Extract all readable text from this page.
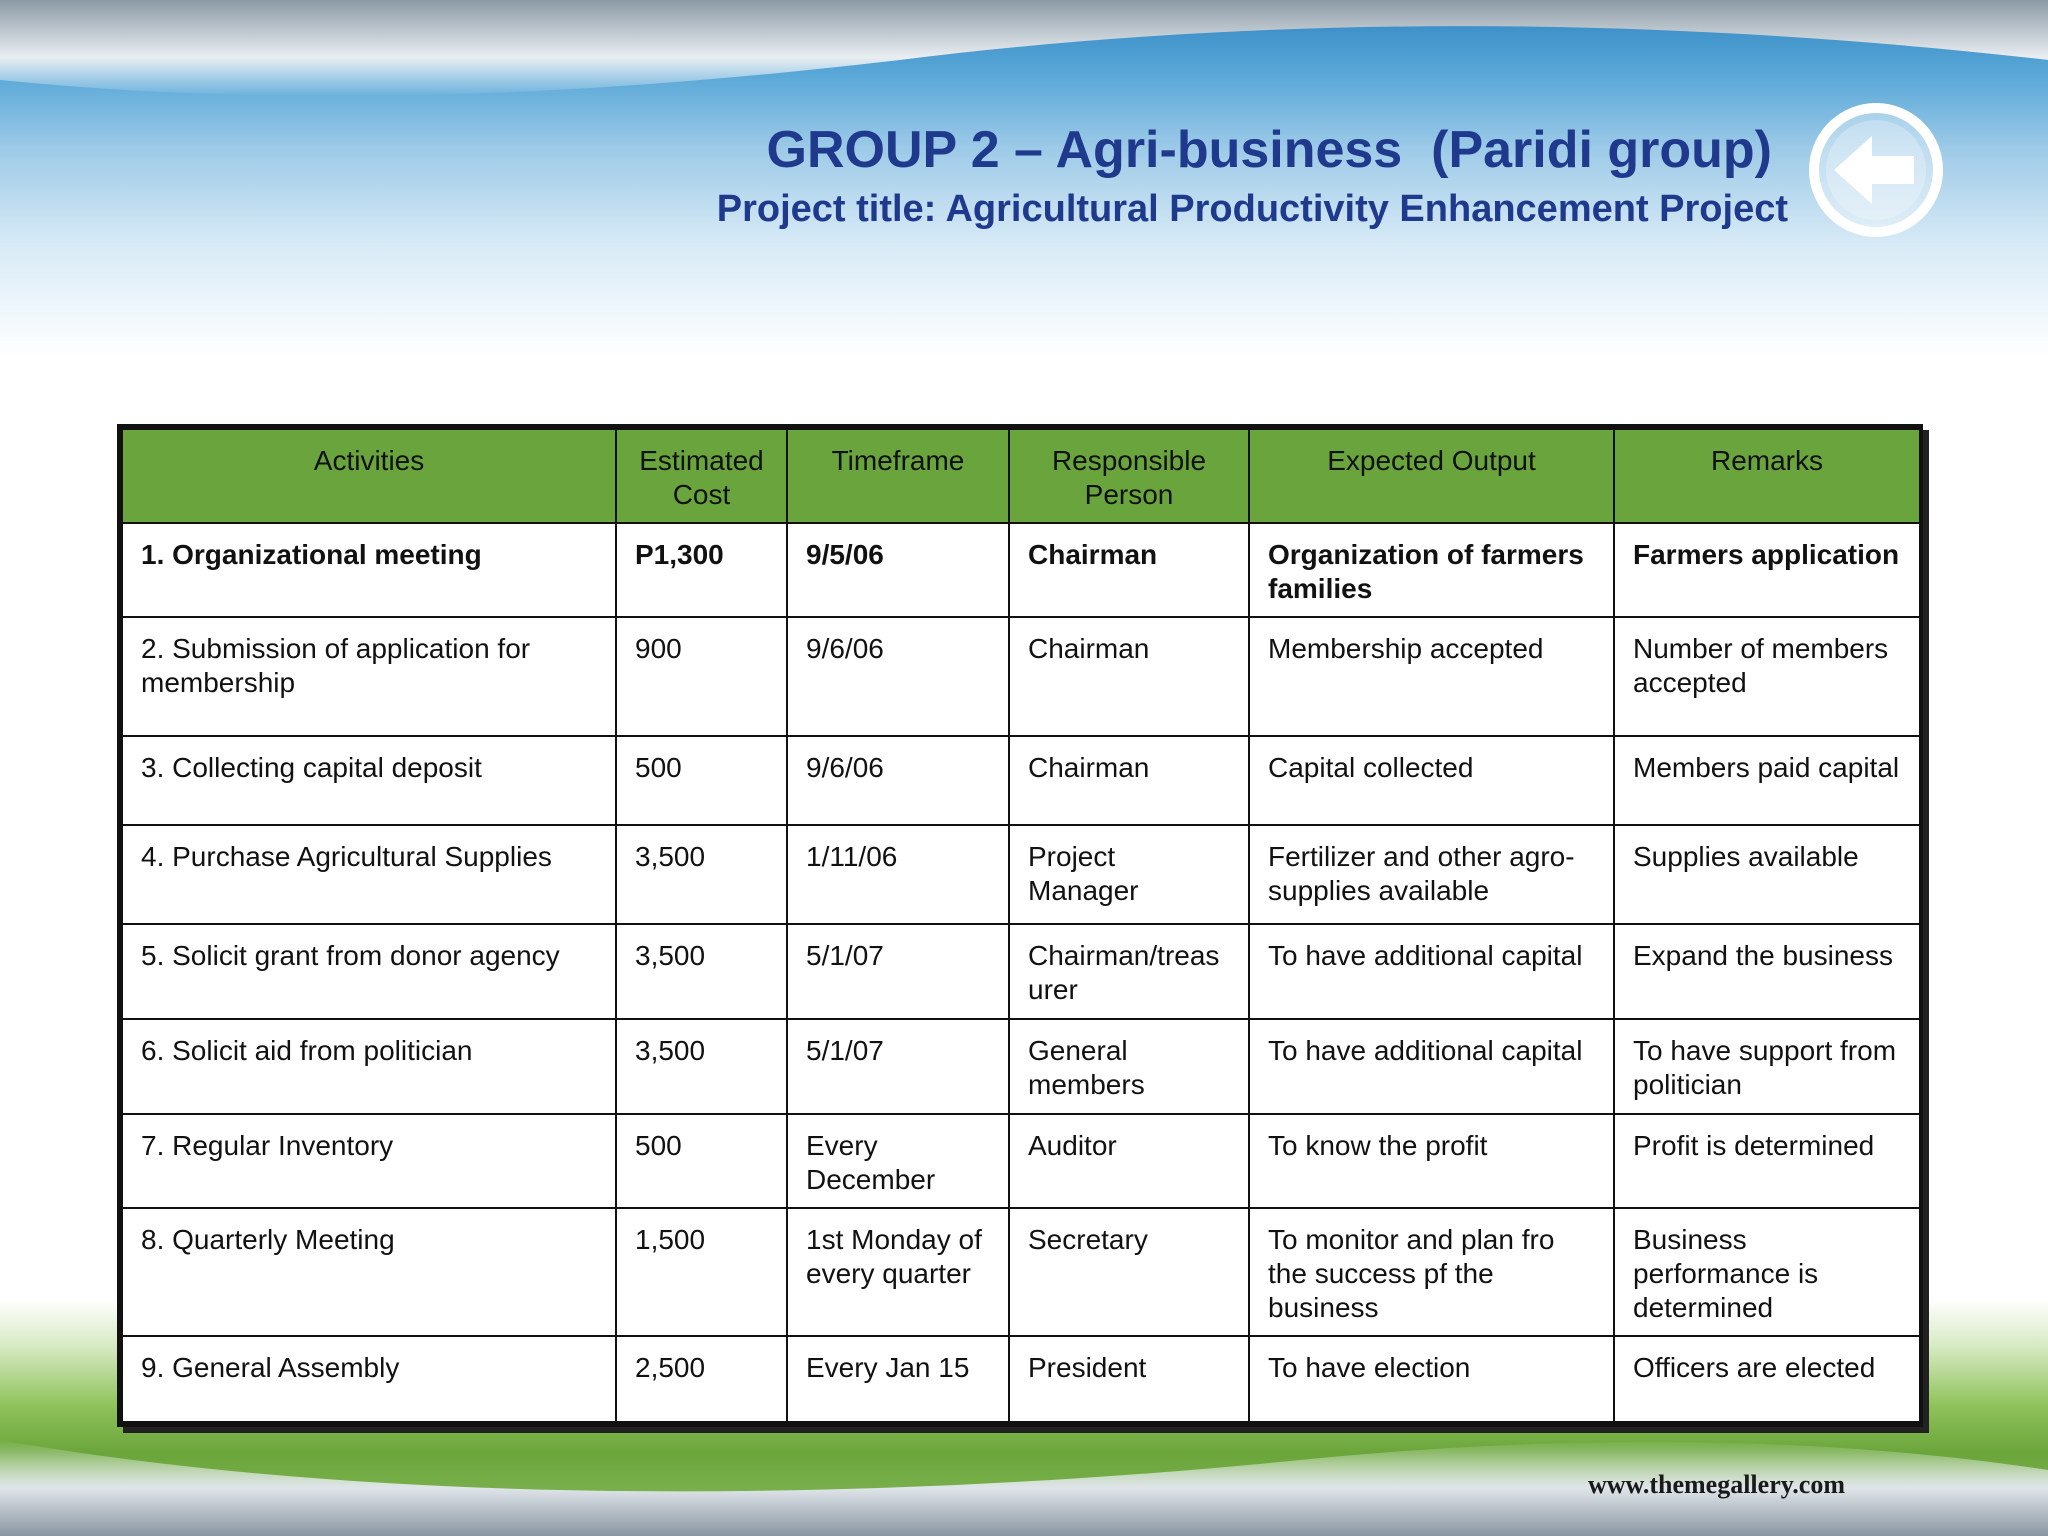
GROUP 2 – Agri-business  (Paridi group)
Project title: Agricultural Productivity Enhancement Project
Activities	Estimated Cost	Timeframe	Responsible Person	Expected Output	Remarks
1. Organizational meeting	P1,300	9/5/06	Chairman	Organization of farmers families	Farmers application
2. Submission of application for membership	900	9/6/06	Chairman	Membership accepted	Number of members accepted
3. Collecting capital deposit	500	9/6/06	Chairman	Capital collected	Members paid capital
4. Purchase Agricultural Supplies	3,500	1/11/06	Project Manager	Fertilizer and other agro-supplies available	Supplies available
5. Solicit grant from donor agency	3,500	5/1/07	Chairman/treasurer	To have additional capital	Expand the business
6. Solicit aid from politician	3,500	5/1/07	General members	To have additional capital	To have support from politician
7. Regular Inventory	500	Every December	Auditor	To know the profit	Profit is determined
8. Quarterly Meeting	1,500	1st Monday of every quarter	Secretary	To monitor and plan fro the success pf the business	Business performance is determined
9. General Assembly	2,500	Every Jan 15	President	To have election	Officers are elected
www.themegallery.com
